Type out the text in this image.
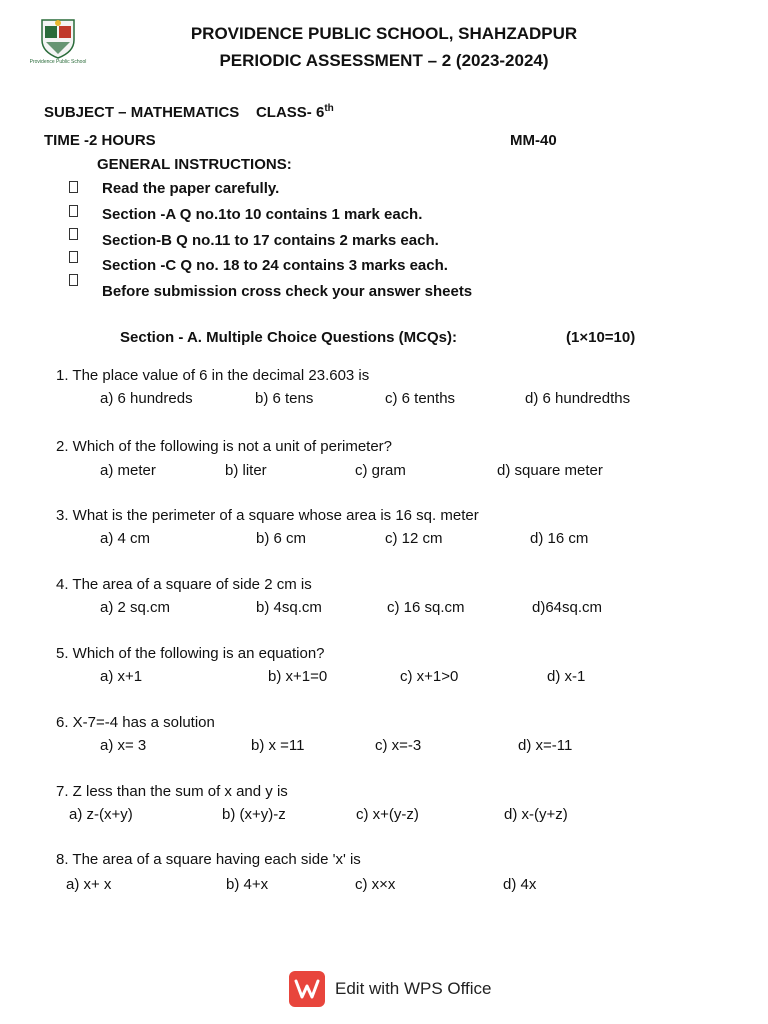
Providence Public School
PROVIDENCE PUBLIC SCHOOL, SHAHZADPUR
PERIODIC ASSESSMENT – 2 (2023-2024)
SUBJECT – MATHEMATICS CLASS- 6th
TIME -2 HOURS	MM-40
GENERAL INSTRUCTIONS:
Read the paper carefully.
Section -A Q no.1to 10 contains 1 mark each.
Section-B Q no.11 to 17 contains 2 marks each.
Section -C Q no. 18 to 24 contains 3 marks each.
Before submission cross check your answer sheets
Section - A. Multiple Choice Questions (MCQs):	(1×10=10)
1. The place value of 6 in the decimal 23.603 is
a) 6 hundreds	b) 6 tens	c) 6 tenths	d) 6 hundredths
2. Which of the following is not a unit of perimeter?
a) meter	b) liter	c) gram	d) square meter
3. What is the perimeter of a square whose area is 16 sq. meter
a) 4 cm	b) 6 cm	c) 12 cm	d) 16 cm
4. The area of a square of side 2 cm is
a) 2 sq.cm	b) 4sq.cm	c) 16 sq.cm	d)64sq.cm
5. Which of the following is an equation?
a) x+1	b) x+1=0	c) x+1>0	d) x-1
6. X-7=-4 has a solution
a) x= 3	b) x =11	c) x=-3	d) x=-11
7. Z less than the sum of x and y is
a) z-(x+y)	b) (x+y)-z	c) x+(y-z)	d) x-(y+z)
8. The area of a square having each side 'x' is
a) x+ x	b) 4+x	c) x×x	d) 4x
Edit with WPS Office
